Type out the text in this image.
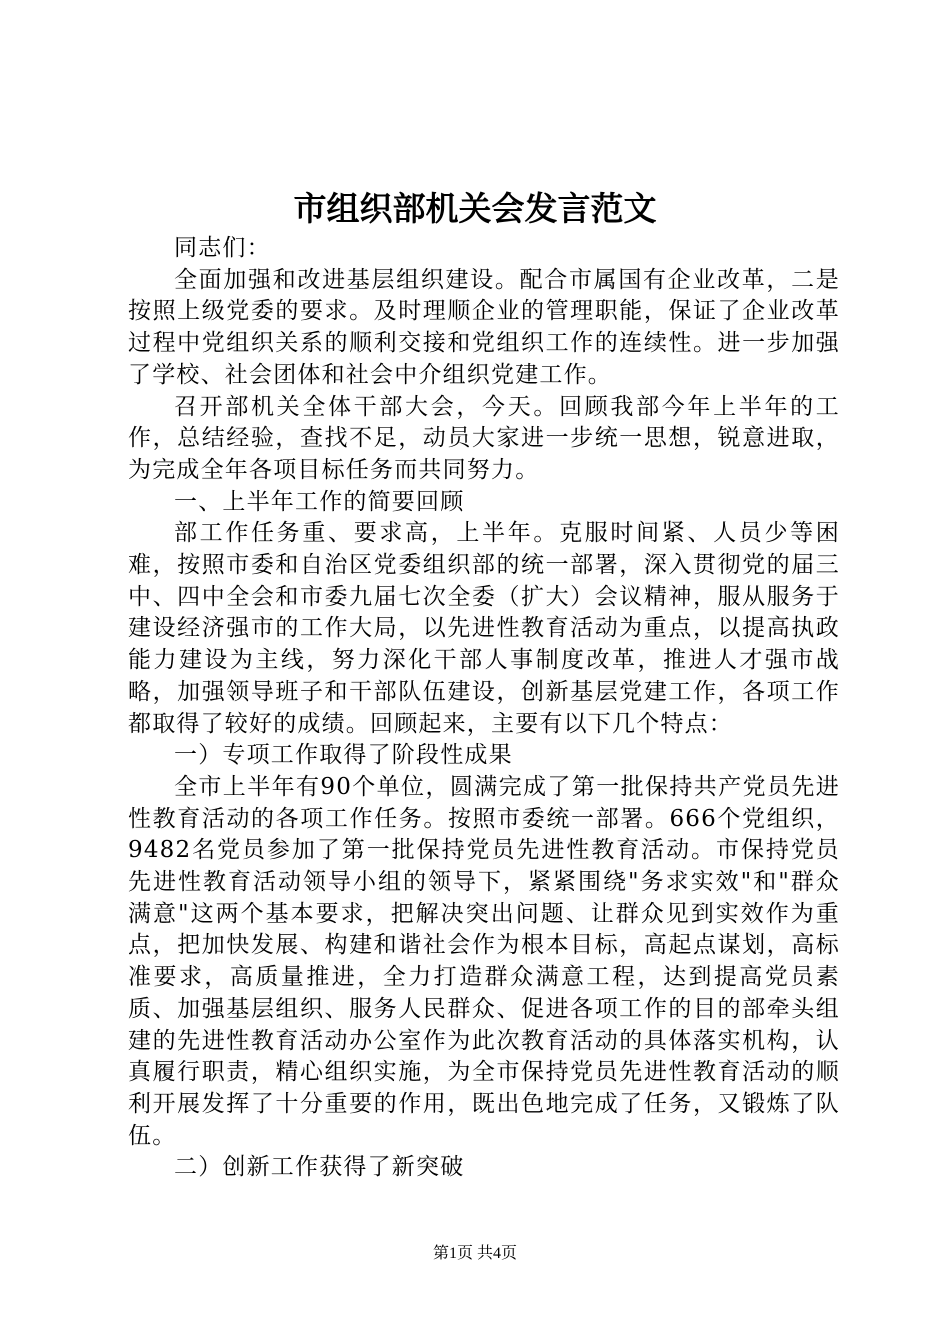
市组织部机关会发言范文

同志们：

全面加强和改进基层组织建设。配合市属国有企业改革，二是按照上级党委的要求。及时理顺企业的管理职能，保证了企业改革过程中党组织关系的顺利交接和党组织工作的连续性。进一步加强了学校、社会团体和社会中介组织党建工作。

召开部机关全体干部大会，今天。回顾我部今年上半年的工作，总结经验，查找不足，动员大家进一步统一思想，锐意进取，为完成全年各项目标任务而共同努力。

一、上半年工作的简要回顾

部工作任务重、要求高，上半年。克服时间紧、人员少等困难，按照市委和自治区党委组织部的统一部署，深入贯彻党的届三中、四中全会和市委九届七次全委（扩大）会议精神，服从服务于建设经济强市的工作大局，以先进性教育活动为重点，以提高执政能力建设为主线，努力深化干部人事制度改革，推进人才强市战略，加强领导班子和干部队伍建设，创新基层党建工作，各项工作都取得了较好的成绩。回顾起来，主要有以下几个特点：

一）专项工作取得了阶段性成果

全市上半年有90个单位，圆满完成了第一批保持共产党员先进性教育活动的各项工作任务。按照市委统一部署。666个党组织，9482名党员参加了第一批保持党员先进性教育活动。市保持党员先进性教育活动领导小组的领导下，紧紧围绕"务求实效"和"群众满意"这两个基本要求，把解决突出问题、让群众见到实效作为重点，把加快发展、构建和谐社会作为根本目标，高起点谋划，高标准要求，高质量推进，全力打造群众满意工程，达到提高党员素质、加强基层组织、服务人民群众、促进各项工作的目的部牵头组建的先进性教育活动办公室作为此次教育活动的具体落实机构，认真履行职责，精心组织实施，为全市保持党员先进性教育活动的顺利开展发挥了十分重要的作用，既出色地完成了任务，又锻炼了队伍。

二）创新工作获得了新突破

第1页 共4页
